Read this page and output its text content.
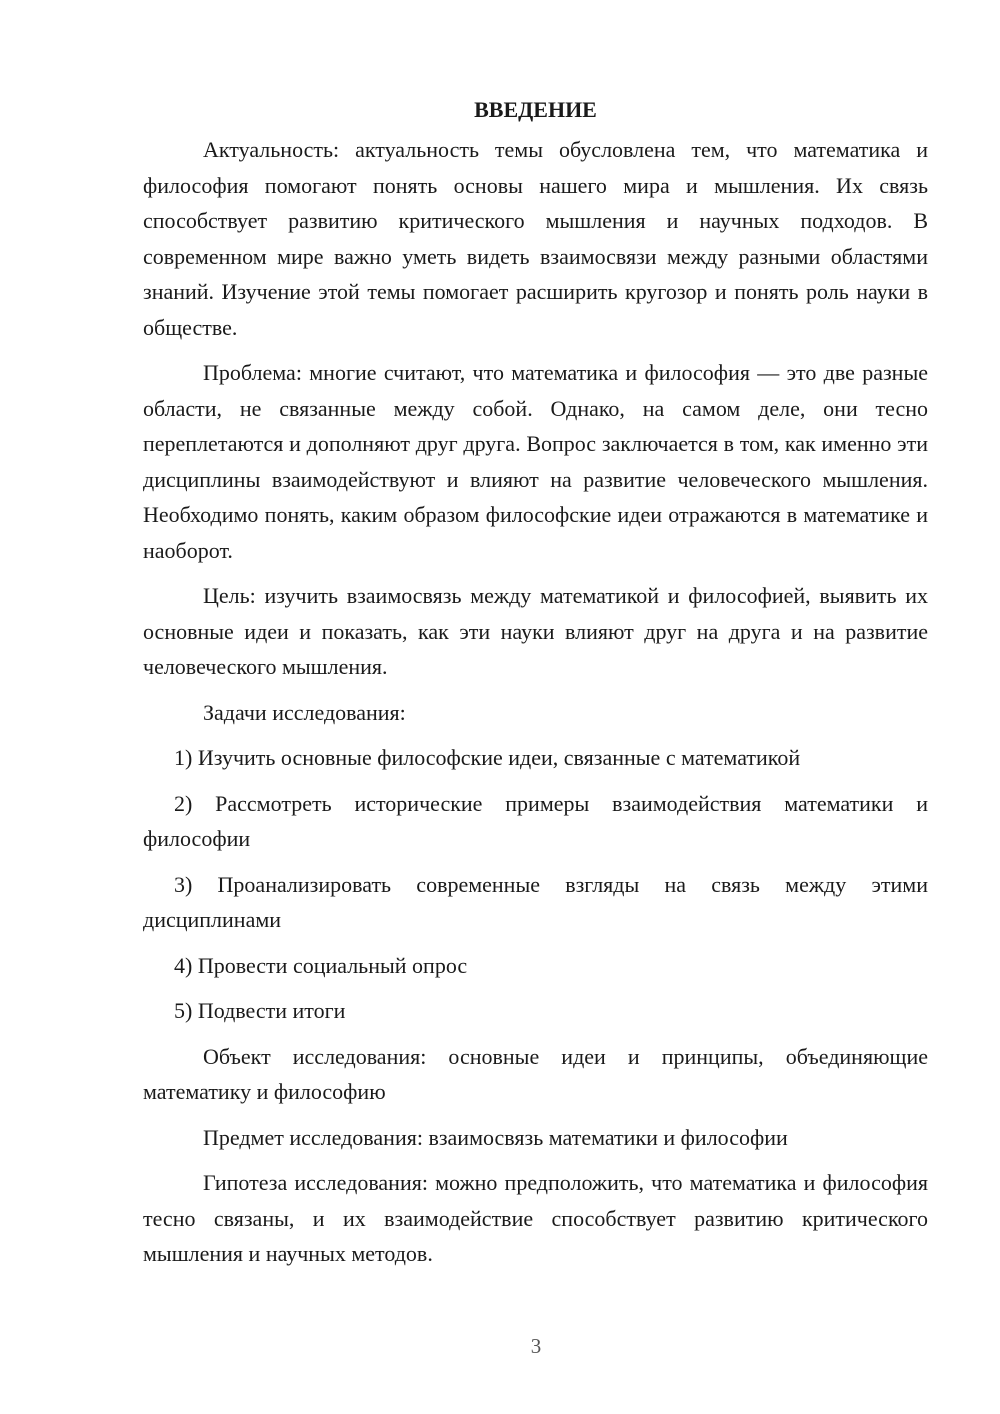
ВВЕДЕНИЕ

Актуальность: актуальность темы обусловлена тем, что математика и философия помогают понять основы нашего мира и мышления. Их связь способствует развитию критического мышления и научных подходов. В современном мире важно уметь видеть взаимосвязи между разными областями знаний. Изучение этой темы помогает расширить кругозор и понять роль науки в обществе.

Проблема: многие считают, что математика и философия — это две разные области, не связанные между собой. Однако, на самом деле, они тесно переплетаются и дополняют друг друга. Вопрос заключается в том, как именно эти дисциплины взаимодействуют и влияют на развитие человеческого мышления. Необходимо понять, каким образом философские идеи отражаются в математике и наоборот.

Цель: изучить взаимосвязь между математикой и философией, выявить их основные идеи и показать, как эти науки влияют друг на друга и на развитие человеческого мышления.

Задачи исследования:

1) Изучить основные философские идеи, связанные с математикой

2) Рассмотреть исторические примеры взаимодействия математики и философии

3) Проанализировать современные взгляды на связь между этими дисциплинами

4) Провести социальный опрос

5) Подвести итоги

Объект исследования: основные идеи и принципы, объединяющие математику и философию

Предмет исследования: взаимосвязь математики и философии

Гипотеза исследования: можно предположить, что математика и философия тесно связаны, и их взаимодействие способствует развитию критического мышления и научных методов.

3
